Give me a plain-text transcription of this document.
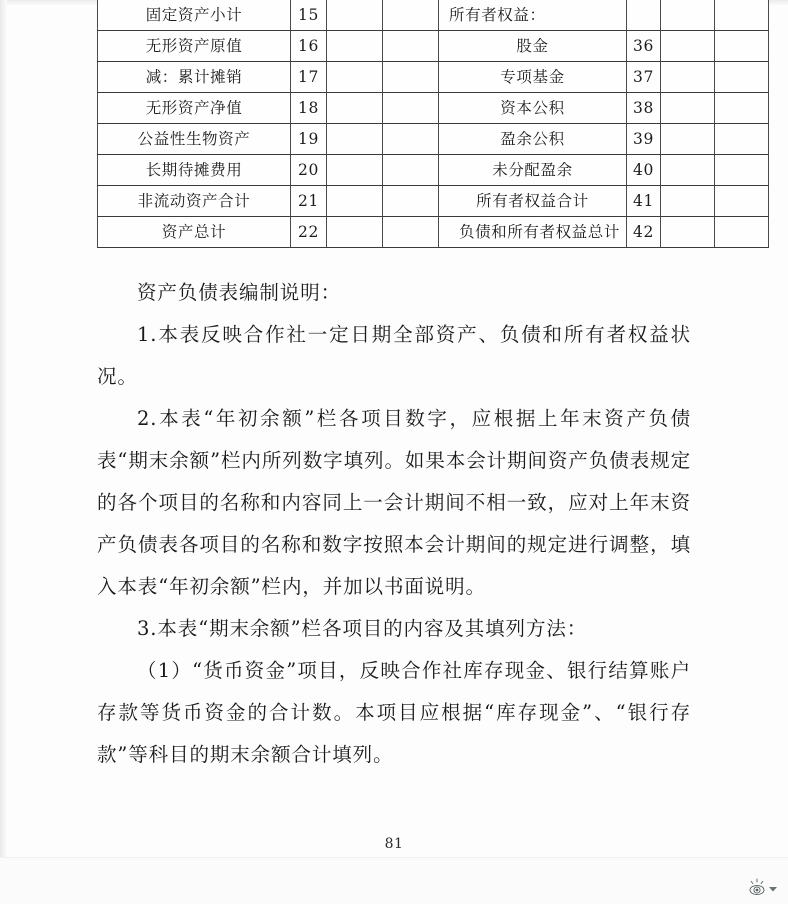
固定资产小计	15			所有者权益：			
无形资产原值	16			股金	36		
减：累计摊销	17			专项基金	37		
无形资产净值	18			资本公积	38		
公益性生物资产	19			盈余公积	39		
长期待摊费用	20			未分配盈余	40		
非流动资产合计	21			所有者权益合计	41		
资产总计	22			负债和所有者权益总计	42		

资产负债表编制说明：

1.本表反映合作社一定日期全部资产、负债和所有者权益状况。

2.本表“年初余额”栏各项目数字，应根据上年末资产负债表“期末余额”栏内所列数字填列。如果本会计期间资产负债表规定的各个项目的名称和内容同上一会计期间不相一致，应对上年末资产负债表各项目的名称和数字按照本会计期间的规定进行调整，填入本表“年初余额”栏内，并加以书面说明。

3.本表“期末余额”栏各项目的内容及其填列方法：

（1）“货币资金”项目，反映合作社库存现金、银行结算账户存款等货币资金的合计数。本项目应根据“库存现金”、“银行存款”等科目的期末余额合计填列。

81
